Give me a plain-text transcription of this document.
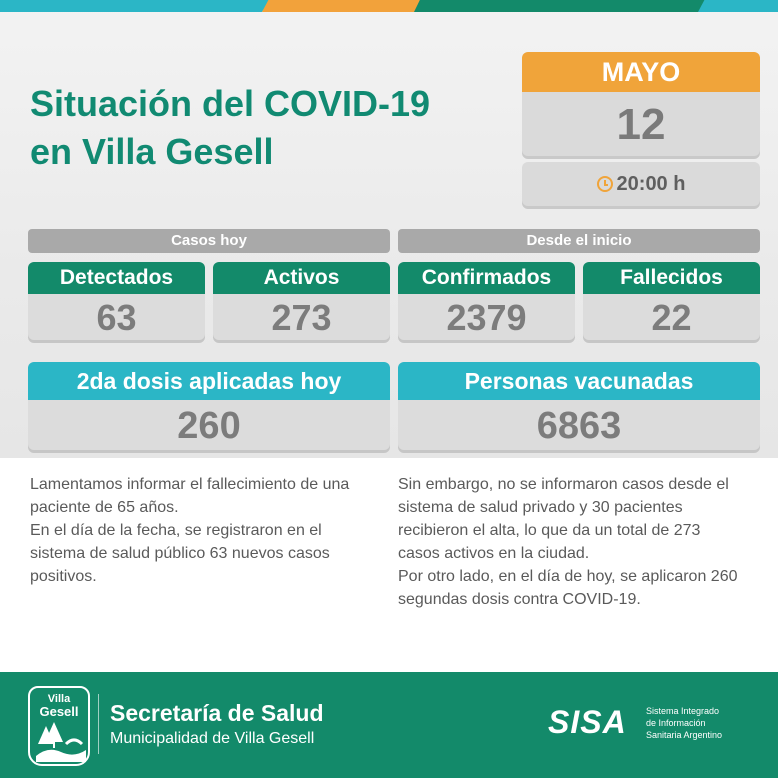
Situación del COVID-19
en Villa Gesell
MAYO
12
20:00 h
Casos hoy	Desde el inicio
Detectados
63
Activos
273
Confirmados
2379
Fallecidos
22
2da dosis aplicadas hoy
260
Personas vacunadas
6863

Lamentamos informar el fallecimiento de una paciente de 65 años.

En el día de la fecha, se registraron en el sistema de salud público 63 nuevos casos positivos.

Sin embargo, no se informaron casos desde el sistema de salud privado y 30 pacientes recibieron el alta, lo que da un total de 273 casos activos en la ciudad.

Por otro lado, en el día de hoy, se aplicaron 260 segundas dosis contra COVID-19.

Villa
Gesell	Secretaría de Salud
Municipalidad de Villa Gesell	SISA Sistema Integrado
de Información
Sanitaria Argentino
